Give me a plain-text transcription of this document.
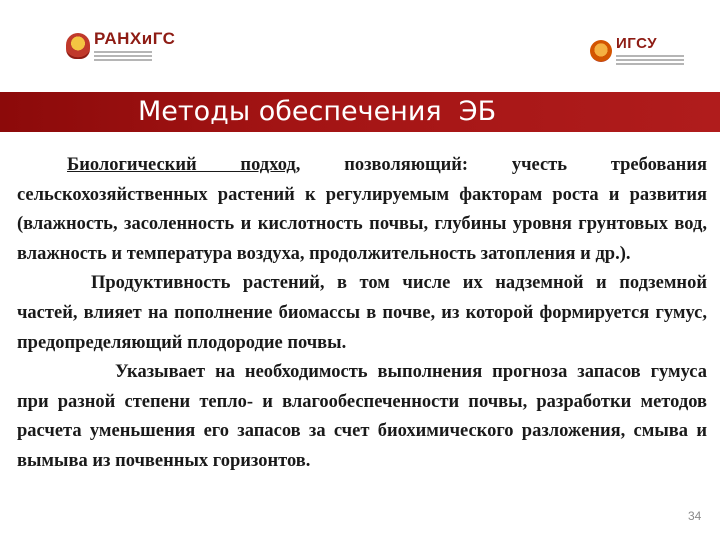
РАНХиГС	ИГСУ
Методы обеспечения  ЭБ

Биологический подход, позволяющий: учесть требования сельскохозяйственных растений к регулируемым факторам роста и развития (влажность, засоленность и кислотность почвы, глубины уровня грунтовых вод, влажность и температура воздуха, продолжительность затопления и др.).

Продуктивность растений, в том числе их надземной и подземной частей, влияет на пополнение биомассы в почве, из которой формируется гумус, предопределяющий плодородие почвы.

Указывает на необходимость выполнения прогноза запасов гумуса при разной степени тепло- и влагообеспеченности почвы, разработки методов расчета уменьшения его запасов за счет биохимического разложения, смыва и вымыва из почвенных горизонтов.

34
